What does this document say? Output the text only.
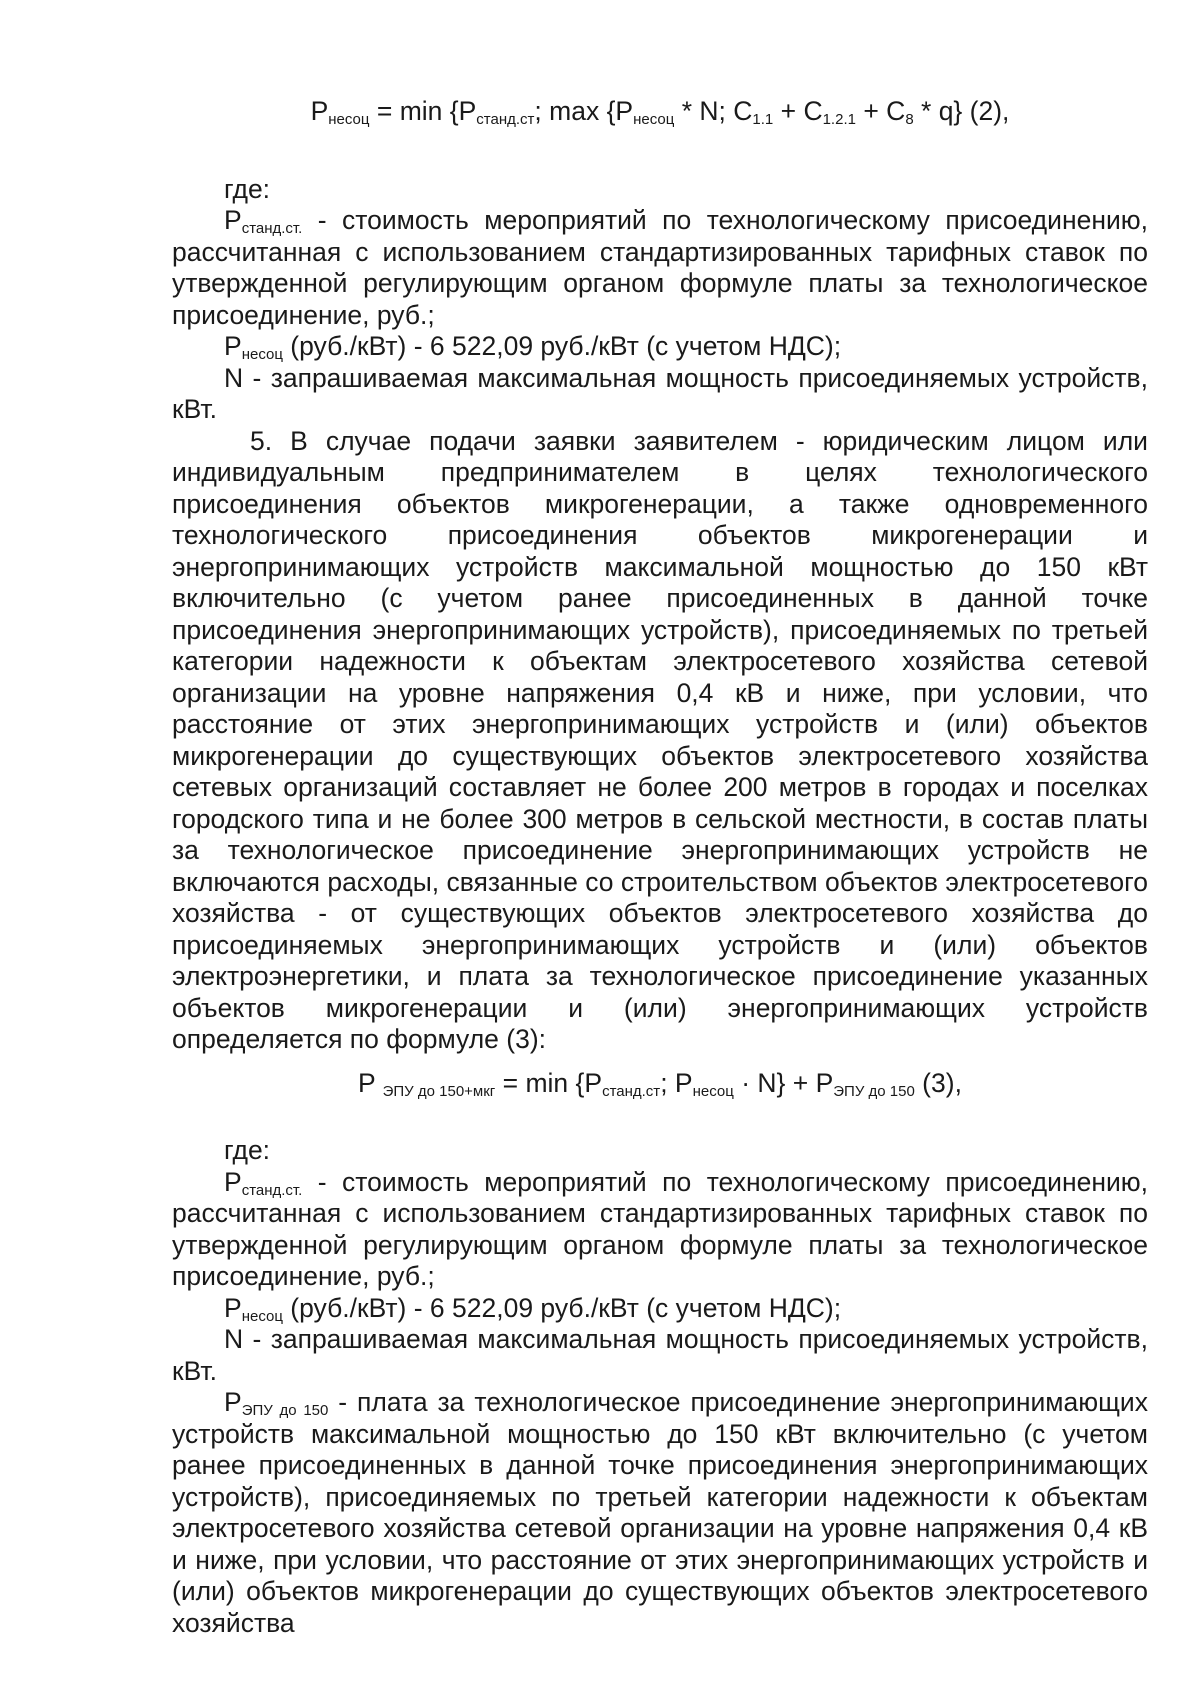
$P_{несоц} = \min \{P_{станд.ст}$; $\max \{P_{несоц}$ * N; $C_{1.1} + C_{1.2.1} + C_8 * q$} (2),

где:

$P_{станд.ст.}$ - стоимость мероприятий по технологическому присоединению, рассчитанная с использованием стандартизированных тарифных ставок по утвержденной регулирующим органом формуле платы за технологическое присоединение, руб.;

$P_{несоц}$ (руб./кВт) - 6 522,09 руб./кВт (с учетом НДС);

N - запрашиваемая максимальная мощность присоединяемых устройств, кВт.

5. В случае подачи заявки заявителем - юридическим лицом или индивидуальным предпринимателем в целях технологического присоединения объектов микрогенерации, а также одновременного технологического присоединения объектов микрогенерации и энергопринимающих устройств максимальной мощностью до 150 кВт включительно (с учетом ранее присоединенных в данной точке присоединения энергопринимающих устройств), присоединяемых по третьей категории надежности к объектам электросетевого хозяйства сетевой организации на уровне напряжения 0,4 кВ и ниже, при условии, что расстояние от этих энергопринимающих устройств и (или) объектов микрогенерации до существующих объектов электросетевого хозяйства сетевых организаций составляет не более 200 метров в городах и поселках городского типа и не более 300 метров в сельской местности, в состав платы за технологическое присоединение энергопринимающих устройств не включаются расходы, связанные со строительством объектов электросетевого хозяйства - от существующих объектов электросетевого хозяйства до присоединяемых энергопринимающих устройств и (или) объектов электроэнергетики, и плата за технологическое присоединение указанных объектов микрогенерации и (или) энергопринимающих устройств определяется по формуле (3):

P $_{ЭПУ до 150+мкг} = \min \{P_{станд.ст}$; $P_{несоц} \cdot N\} + P_{ЭПУ до 150}$ (3),

где:

$P_{станд.ст.}$ - стоимость мероприятий по технологическому присоединению, рассчитанная с использованием стандартизированных тарифных ставок по утвержденной регулирующим органом формуле платы за технологическое присоединение, руб.;

$P_{несоц}$ (руб./кВт) - 6 522,09 руб./кВт (с учетом НДС);

N - запрашиваемая максимальная мощность присоединяемых устройств, кВт.

$P_{ЭПУ до 150}$ - плата за технологическое присоединение энергопринимающих устройств максимальной мощностью до 150 кВт включительно (с учетом ранее присоединенных в данной точке присоединения энергопринимающих устройств), присоединяемых по третьей категории надежности к объектам электросетевого хозяйства сетевой организации на уровне напряжения 0,4 кВ и ниже, при условии, что расстояние от этих энергопринимающих устройств и (или) объектов микрогенерации до существующих объектов электросетевого хозяйства
